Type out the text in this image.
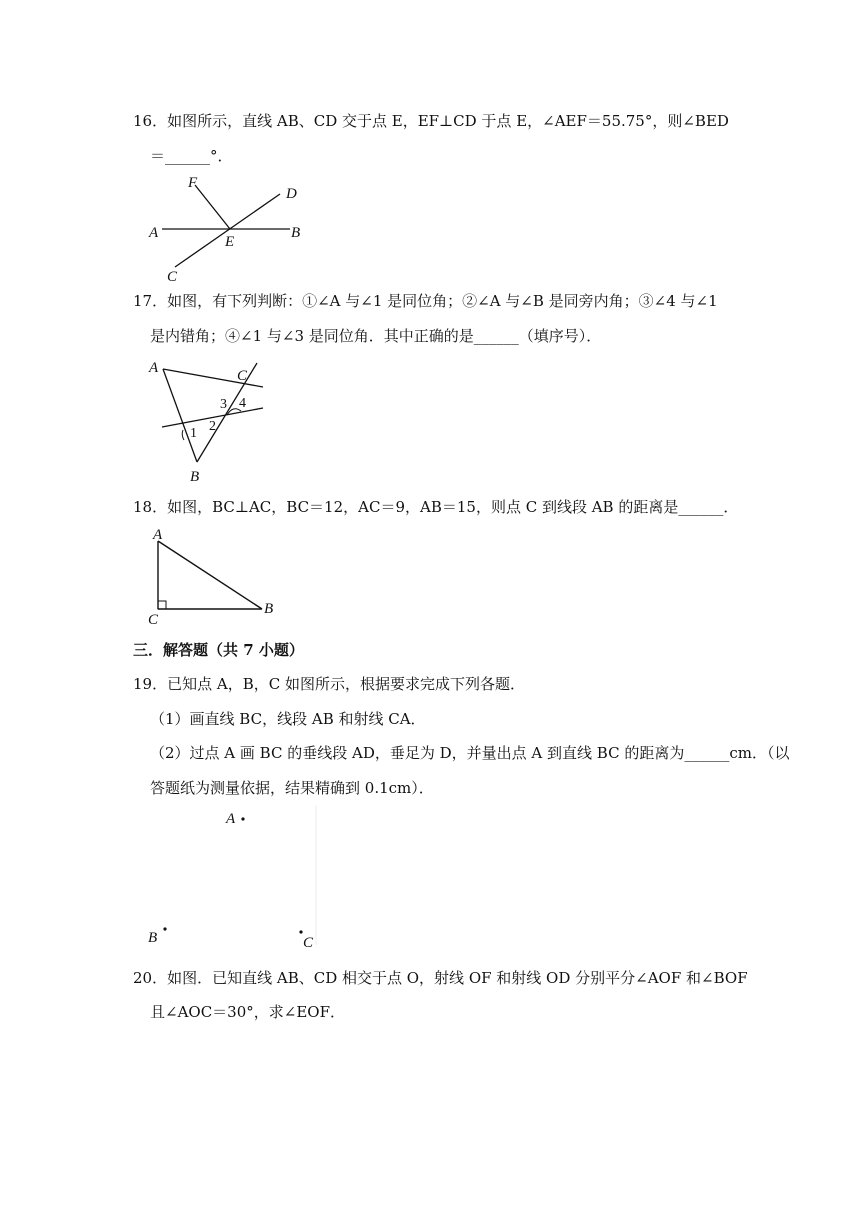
16．如图所示，直线 AB、CD 交于点 E，EF⊥CD 于点 E，∠AEF＝55.75°，则∠BED
＝______°．
F
D
A
E
B
C
17．如图，有下列判断：①∠A 与∠1 是同位角；②∠A 与∠B 是同旁内角；③∠4 与∠1
是内错角；④∠1 与∠3 是同位角．其中正确的是______（填序号）．
A	C
B
1 2
3 4
18．如图，BC⊥AC，BC＝12，AC＝9，AB＝15，则点 C 到线段 AB 的距离是______．
A
C
B
三．解答题（共 7 小题）
19．已知点 A，B，C 如图所示，根据要求完成下列各题．
（1）画直线 BC，线段 AB 和射线 CA．
（2）过点 A 画 BC 的垂线段 AD，垂足为 D，并量出点 A 到直线 BC 的距离为______cm．（以
答题纸为测量依据，结果精确到 0.1cm）．
A
B	C
20．如图．已知直线 AB、CD 相交于点 O，射线 OF 和射线 OD 分别平分∠AOF 和∠BOF
且∠AOC＝30°，求∠EOF．
